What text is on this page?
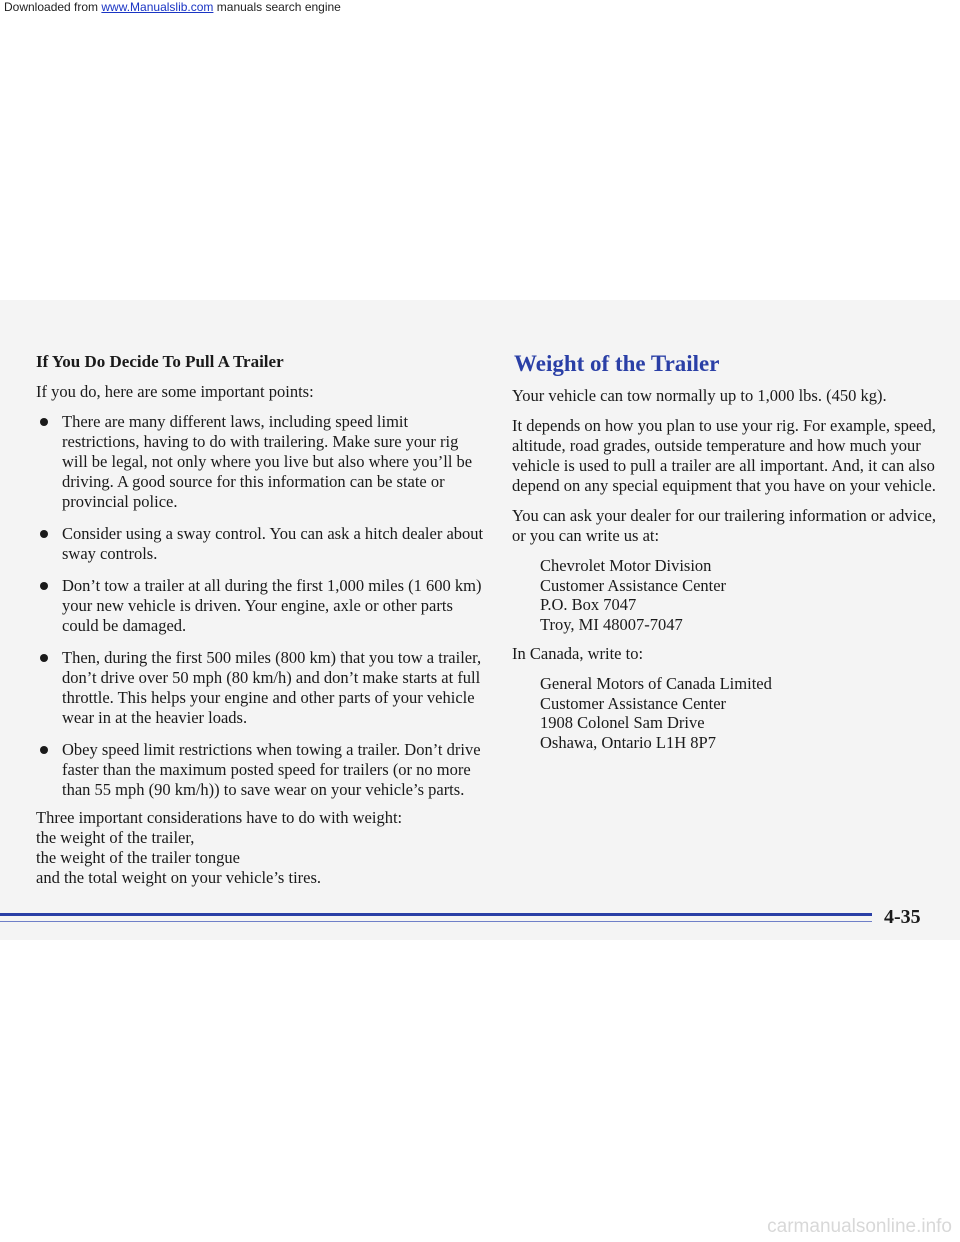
Downloaded from www.Manualslib.com manuals search engine
If You Do Decide To Pull A Trailer

If you do, here are some important points:

There are many different laws, including speed limit restrictions, having to do with trailering. Make sure your rig will be legal, not only where you live but also where you’ll be driving. A good source for this information can be state or provincial police.
Consider using a sway control. You can ask a hitch dealer about sway controls.
Don’t tow a trailer at all during the first 1,000 miles (1 600 km) your new vehicle is driven. Your engine, axle or other parts could be damaged.
Then, during the first 500 miles (800 km) that you tow a trailer, don’t drive over 50 mph (80 km/h) and don’t make starts at full throttle. This helps your engine and other parts of your vehicle wear in at the heavier loads.
Obey speed limit restrictions when towing a trailer. Don’t drive faster than the maximum posted speed for trailers (or no more than 55 mph (90 km/h)) to save wear on your vehicle’s parts.
Three important considerations have to do with weight:
the weight of the trailer,
the weight of the trailer tongue
and the total weight on your vehicle’s tires.
Weight of the Trailer

Your vehicle can tow normally up to 1,000 lbs. (450 kg).

It depends on how you plan to use your rig. For example, speed, altitude, road grades, outside temperature and how much your vehicle is used to pull a trailer are all important. And, it can also depend on any special equipment that you have on your vehicle.

You can ask your dealer for our trailering information or advice, or you can write us at:

Chevrolet Motor Division
Customer Assistance Center
P.O. Box 7047
Troy, MI 48007-7047

In Canada, write to:

General Motors of Canada Limited
Customer Assistance Center
1908 Colonel Sam Drive
Oshawa, Ontario L1H 8P7
4-35
carmanualsonline.info
